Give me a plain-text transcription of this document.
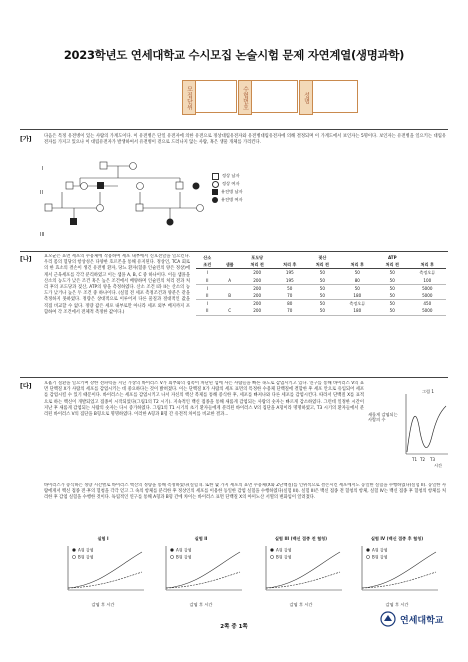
2023학년도 연세대학교 수시모집 논술시험 문제 자연계열(생명과학)
모집단위	수험번호	성명
[가]	다음은 특정 유전병이 있는 사람의 가계도이다. 이 유전병은 단일 유전자에 의한 유전으로 정상대립유전자와 유전병대립유전자에 의해 결정되며 이 가계도에서 보인자는 5명이다. 보인자는 유전병을 일으키는 대립유전자를 가지고 있으나 이 대립유전자가 발생하여서 유전병이 겉으로 드러나지 않는 사람, 혹은 생물 개체를 가리킨다.
I
II
III
정상 남자
정상 여자
유전병 남자
유전병 여자
[나]	효모균은 표면 세포의 수용체에 작용하여 세포 내부에서 신호전달을 일으킨다. 우리 몸의 혈당의 항상성은 다양한 호르몬을 통해 유지된다. 정상인, TCA 회로의 한 효소의 결손이 생긴 유전병 환자, 당뇨 환자(혈중 인슐린의 양은 정상)에게서 근육세포를 각각 분리하였고 이는 샘플 A, B, C 중 하나이다. 이들 샘플을 산소의 농도가 낮은 조건 혹은 높은 조건에서 배양하며 인슐린의 처리 전과 처리 후의 포도당과 젖산, ATP의 양을 측정하였다. 산소 조건 I과 II는 산소의 농도가 낮거나 높은 두 조건 중 하나이다. (실험 전 세포 측정조건과 양분은 같을 측정하지 못하였다. 정량은 상대적으로 이루어져 다른 물질과 절대적인 값을 직접 비교할 수 없다. 정량 값은 세포 내부로만 아니라 세포 외부 배지까지 포함하여 각 조건에서 전체적 측정한 값이다.)
산소		포도당		젖산		ATP	
조건	샘플	처리 전	처리 후	처리 전	처리 후	처리 전	처리 후
I		200	195	50	50	50	측정오류
II	A	200	195	50	80	50	100
I		200	50	50	50	50	5000
II	B	200	70	50	180	50	5000
I		200	80	50	측정오류	50	450
II	C	200	70	50	180	50	5000
[다]	호흡기 질환을 일으키며 강한 전파력을 지닌 가상의 바이러스 V가 외부와의 접촉이 차단된 섬에 사는 사람들을 빠른 속도로 감염시키고 있다. 연구를 통해 바이러스 V의 표면 단백질 X가 사람의 세포를 감염시키는 데 중요하다는 것이 밝혀졌다. 이는 단백질 X가 사람의 세포 표면의 특정한 수용체 단백질에 결합한 후 세포 안으로 유입되어 세포를 감염시킬 수 있기 때문이다. 바이러스는 세포를 감염시키고 나서 자신의 핵산 복제를 통해 증식한 후, 세포를 빠져나와 다른 세포를 감염시킨다. 따라서 단백질 X를 표적으로 하는 백신이 개발되었고 접종이 시작되었다(그림1의 T2 시기). 지속적인 백신 접종을 통해 새롭게 감염되는 사람의 숫자는 빠르게 감소하였다. 그런데 일정한 시간이 지난 후 새롭게 감염되는 사람의 숫자는 다시 증가하였다. 그림1의 T1 시기의 초기 환자들에게 분리된 바이러스 V의 집단을 A형이라 명명하였고, T3 시기의 환자들에서 분리된 바이러스 V의 집단을 B형으로 명명하였다. 이러한 A형과 B형 간 유전적 차이를 비교한 결과...
바이러스가 증식하는 정량 시간별로 바이러스 핵산의 정량을 통해 측정하였다(실험 I). 또한 몇 가지 세포의 표면 수용체(X와 Z단백질)를 인위적으로 결손시킨 세포에서도 동일한 실험을 수행하였다(실험 II). 동일한 사람에게서 백신 접종 전·후의 혈청을 각각 얻고 그 속의 항체를 분리한 후 정상인의 세포를 이용한 동일한 감염 실험을 수행하였다(실험 III). 실험 III은 백신 접종 전 혈청의 항체, 실험 IV는 백신 접종 후 혈청의 항체를 처리한 후 감염 실험을 수행한 것이다. 독립적인 연구를 통해 A형과 B형 간에 차이는 바이러스 표면 단백질 X의 아미노산 서열의 변화임이 알려졌다.
그림 1
새롭게 감염되는 사람의 수
T1 T2 T3
시간
실험 I
A형 감염
B형 감염
감염 후 시간
실험 II
A형 감염
B형 감염
감염 후 시간
실험 III (백신 접종 전 혈청)
A형 감염
B형 감염
감염 후 시간
실험 IV (백신 접종 후 혈청)
A형 감염
B형 감염
감염 후 시간
2쪽 중 1쪽
연세대학교
